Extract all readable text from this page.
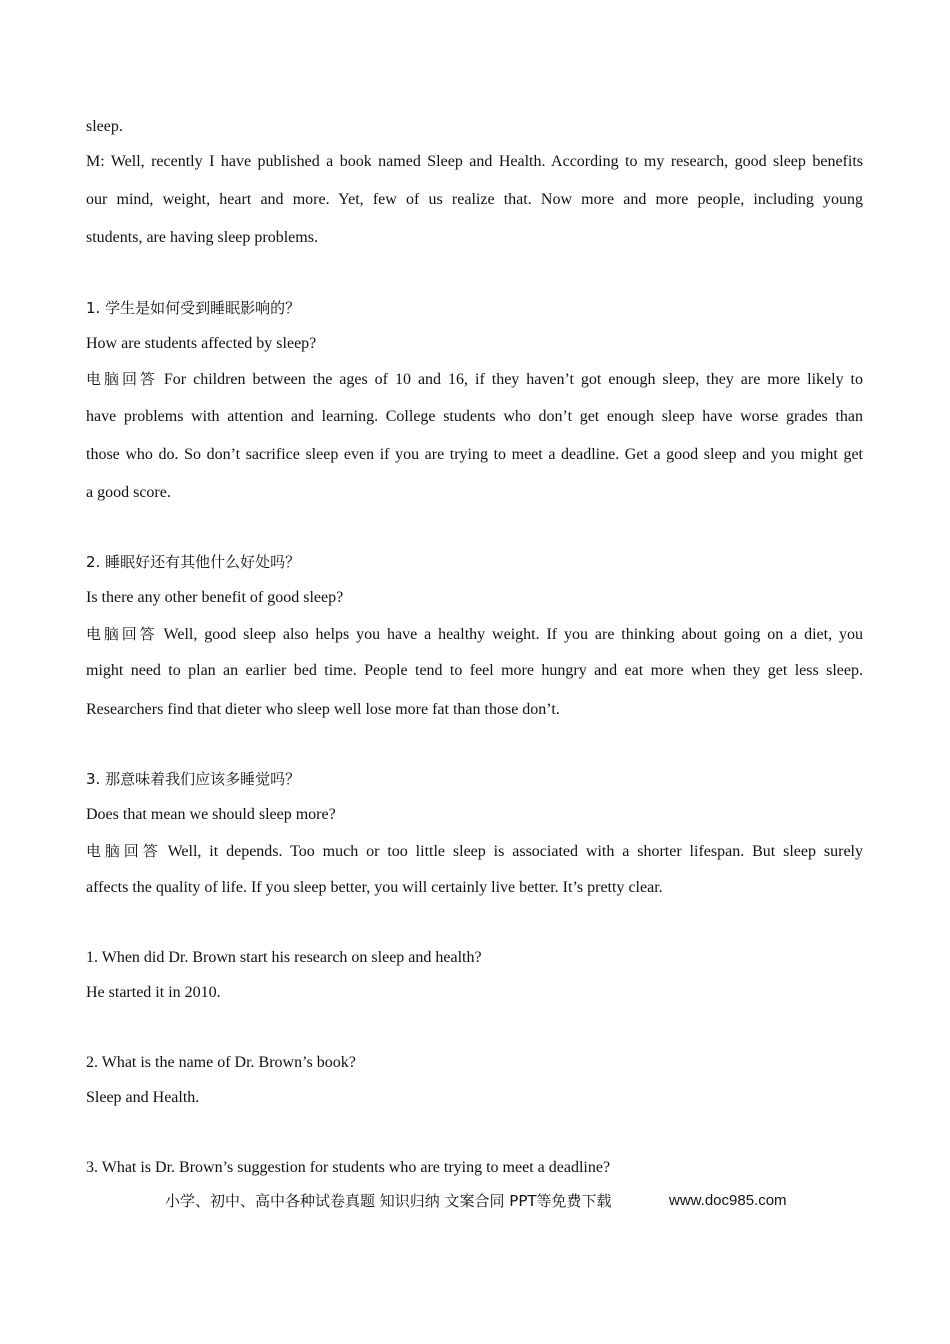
sleep.
M: Well, recently I have published a book named Sleep and Health. According to my research, good sleep benefits
our mind, weight, heart and more. Yet, few of us realize that. Now more and more people, including young
students, are having sleep problems.
1. 学生是如何受到睡眠影响的？
How are students affected by sleep?
电脑回答 For children between the ages of 10 and 16, if they haven’t got enough sleep, they are more likely to
have problems with attention and learning. College students who don’t get enough sleep have worse grades than
those who do. So don’t sacrifice sleep even if you are trying to meet a deadline. Get a good sleep and you might get
a good score.
2. 睡眠好还有其他什么好处吗？
Is there any other benefit of good sleep?
电脑回答 Well, good sleep also helps you have a healthy weight. If you are thinking about going on a diet, you
might need to plan an earlier bed time. People tend to feel more hungry and eat more when they get less sleep.
Researchers find that dieter who sleep well lose more fat than those don’t.
3. 那意味着我们应该多睡觉吗？
Does that mean we should sleep more?
电脑回答 Well, it depends. Too much or too little sleep is associated with a shorter lifespan. But sleep surely
affects the quality of life. If you sleep better, you will certainly live better. It’s pretty clear.
1. When did Dr. Brown start his research on sleep and health?
He started it in 2010.
2. What is the name of Dr. Brown’s book?
Sleep and Health.
3. What is Dr. Brown’s suggestion for students who are trying to meet a deadline?
小学、初中、高中各种试卷真题 知识归纳 文案合同 PPT等免费下载	www.doc985.com
